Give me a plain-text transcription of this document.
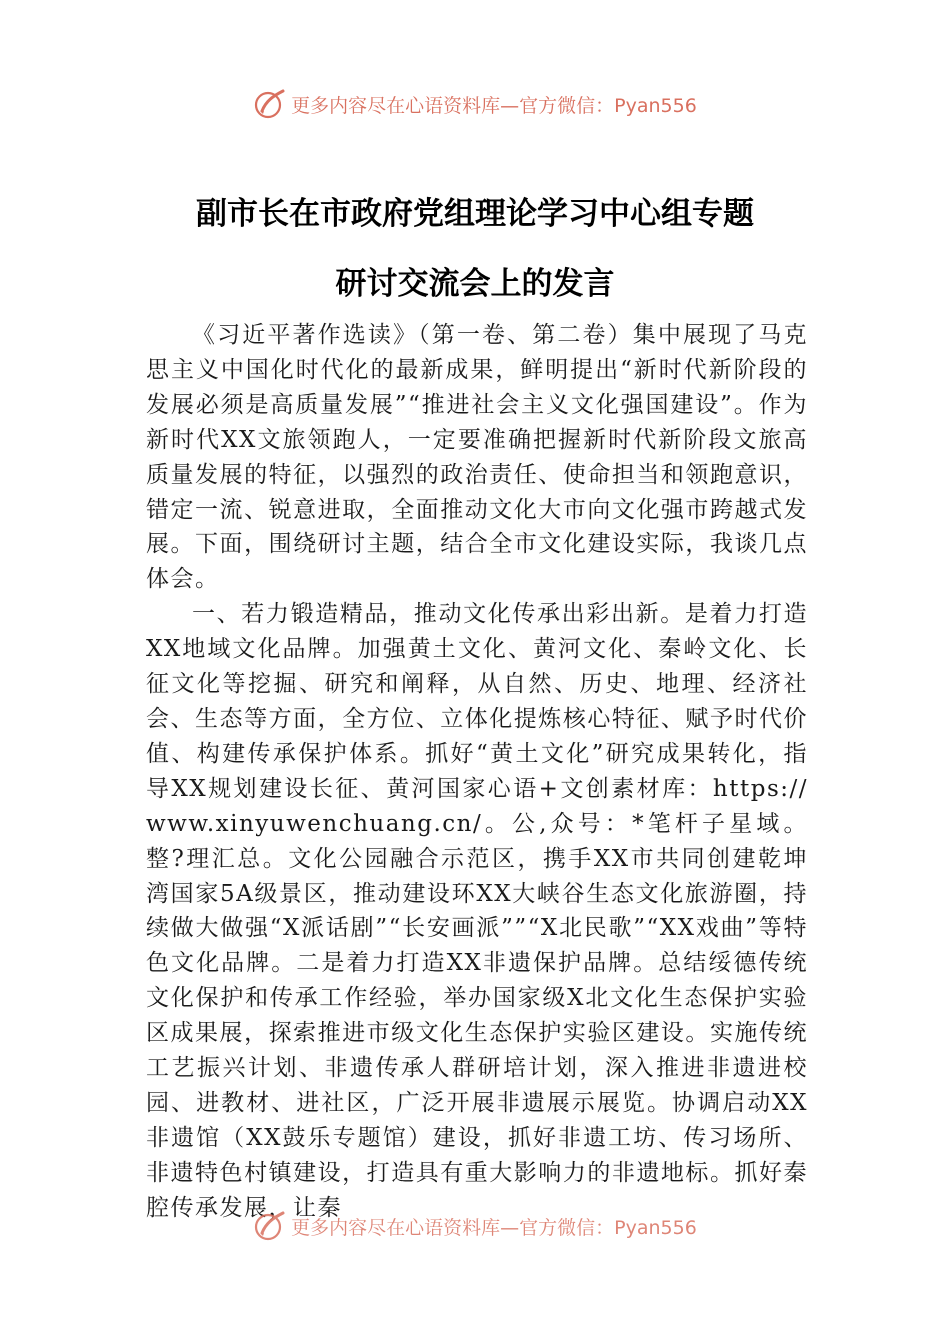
更多内容尽在心语资料库—官方微信：Pyan556
副市长在市政府党组理论学习中心组专题
研讨交流会上的发言

《习近平著作选读》（第一卷、第二卷）集中展现了马克思主义中国化时代化的最新成果，鲜明提出“新时代新阶段的发展必须是高质量发展”“推进社会主义文化强国建设”。作为新时代XX文旅领跑人，一定要准确把握新时代新阶段文旅高质量发展的特征，以强烈的政治责任、使命担当和领跑意识，错定一流、锐意进取，全面推动文化大市向文化强市跨越式发展。下面，围绕研讨主题，结合全市文化建设实际，我谈几点体会。

一、若力锻造精品，推动文化传承出彩出新。是着力打造XX地域文化品牌。加强黄土文化、黄河文化、秦岭文化、长征文化等挖掘、研究和阐释，从自然、历史、地理、经济社会、生态等方面，全方位、立体化提炼核心特征、赋予时代价值、构建传承保护体系。抓好“黄土文化”研究成果转化，指导XX规划建设长征、黄河国家心语+文创素材库：https://www.xinyuwenchuang.cn/。公,众号：*笔杆子星域。整?理汇总。文化公园融合示范区，携手XX市共同创建乾坤湾国家5A级景区，推动建设环XX大峡谷生态文化旅游圈，持续做大做强“X派话剧”“长安画派””“X北民歌”“XX戏曲”等特色文化品牌。二是着力打造XX非遗保护品牌。总结绥德传统文化保护和传承工作经验，举办国家级X北文化生态保护实验区成果展，探索推进市级文化生态保护实验区建设。实施传统工艺振兴计划、非遗传承人群研培计划，深入推进非遗进校园、进教材、进社区，广泛开展非遗展示展览。协调启动XX非遗馆（XX鼓乐专题馆）建设，抓好非遗工坊、传习场所、非遗特色村镇建设，打造具有重大影响力的非遗地标。抓好秦腔传承发展，让秦

更多内容尽在心语资料库—官方微信：Pyan556
